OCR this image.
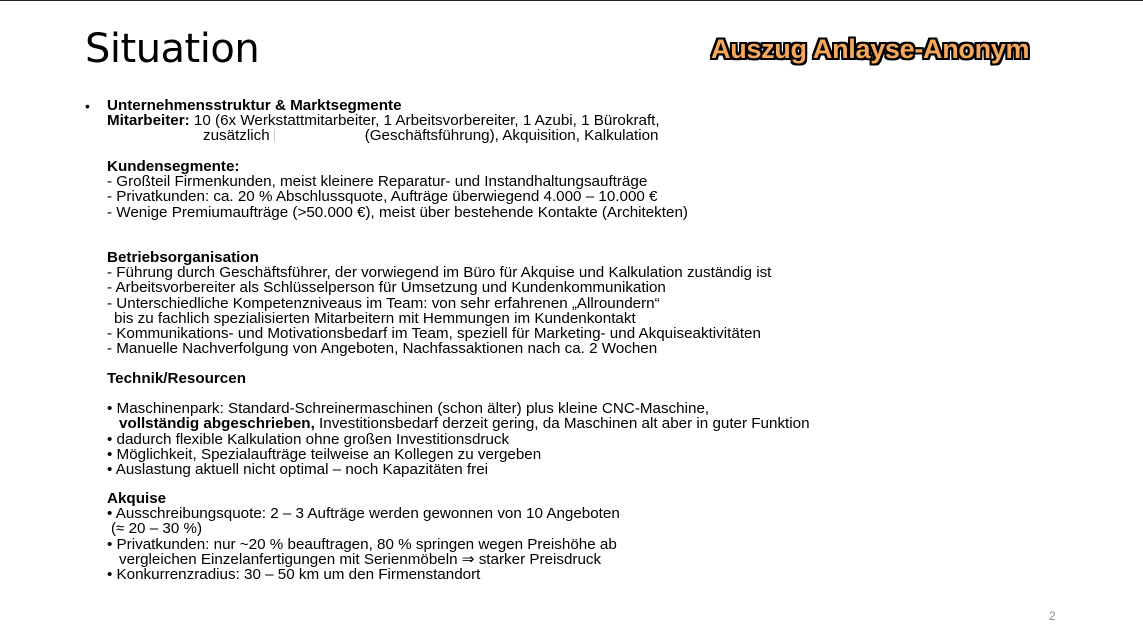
Situation	Auszug Anlayse-Anonym
• Unternehmensstruktur & Marktsegmente
Mitarbeiter: 10 (6x Werkstattmitarbeiter, 1 Arbeitsvorbereiter, 1 Azubi, 1 Bürokraft,
zusätzlich	(Geschäftsführung), Akquisition, Kalkulation
Kundensegmente:
- Großteil Firmenkunden, meist kleinere Reparatur- und Instandhaltungsaufträge
- Privatkunden: ca. 20 % Abschlussquote, Aufträge überwiegend 4.000 – 10.000 €
- Wenige Premiumaufträge (>50.000 €), meist über bestehende Kontakte (Architekten)
Betriebsorganisation
- Führung durch Geschäftsführer, der vorwiegend im Büro für Akquise und Kalkulation zuständig ist
- Arbeitsvorbereiter als Schlüsselperson für Umsetzung und Kundenkommunikation
- Unterschiedliche Kompetenzniveaus im Team: von sehr erfahrenen „Allroundern“
bis zu fachlich spezialisierten Mitarbeitern mit Hemmungen im Kundenkontakt
- Kommunikations- und Motivationsbedarf im Team, speziell für Marketing- und Akquiseaktivitäten
- Manuelle Nachverfolgung von Angeboten, Nachfassaktionen nach ca. 2 Wochen
Technik/Resourcen
• Maschinenpark: Standard-Schreinermaschinen (schon älter) plus kleine CNC-Maschine,
vollständig abgeschrieben, Investitionsbedarf derzeit gering, da Maschinen alt aber in guter Funktion
• dadurch flexible Kalkulation ohne großen Investitionsdruck
• Möglichkeit, Spezialaufträge teilweise an Kollegen zu vergeben
• Auslastung aktuell nicht optimal – noch Kapazitäten frei
Akquise
• Ausschreibungsquote: 2 – 3 Aufträge werden gewonnen von 10 Angeboten
(≈ 20 – 30 %)
• Privatkunden: nur ~20 % beauftragen, 80 % springen wegen Preishöhe ab
vergleichen Einzelanfertigungen mit Serienmöbeln ⇒ starker Preisdruck
• Konkurrenzradius: 30 – 50 km um den Firmenstandort
2
